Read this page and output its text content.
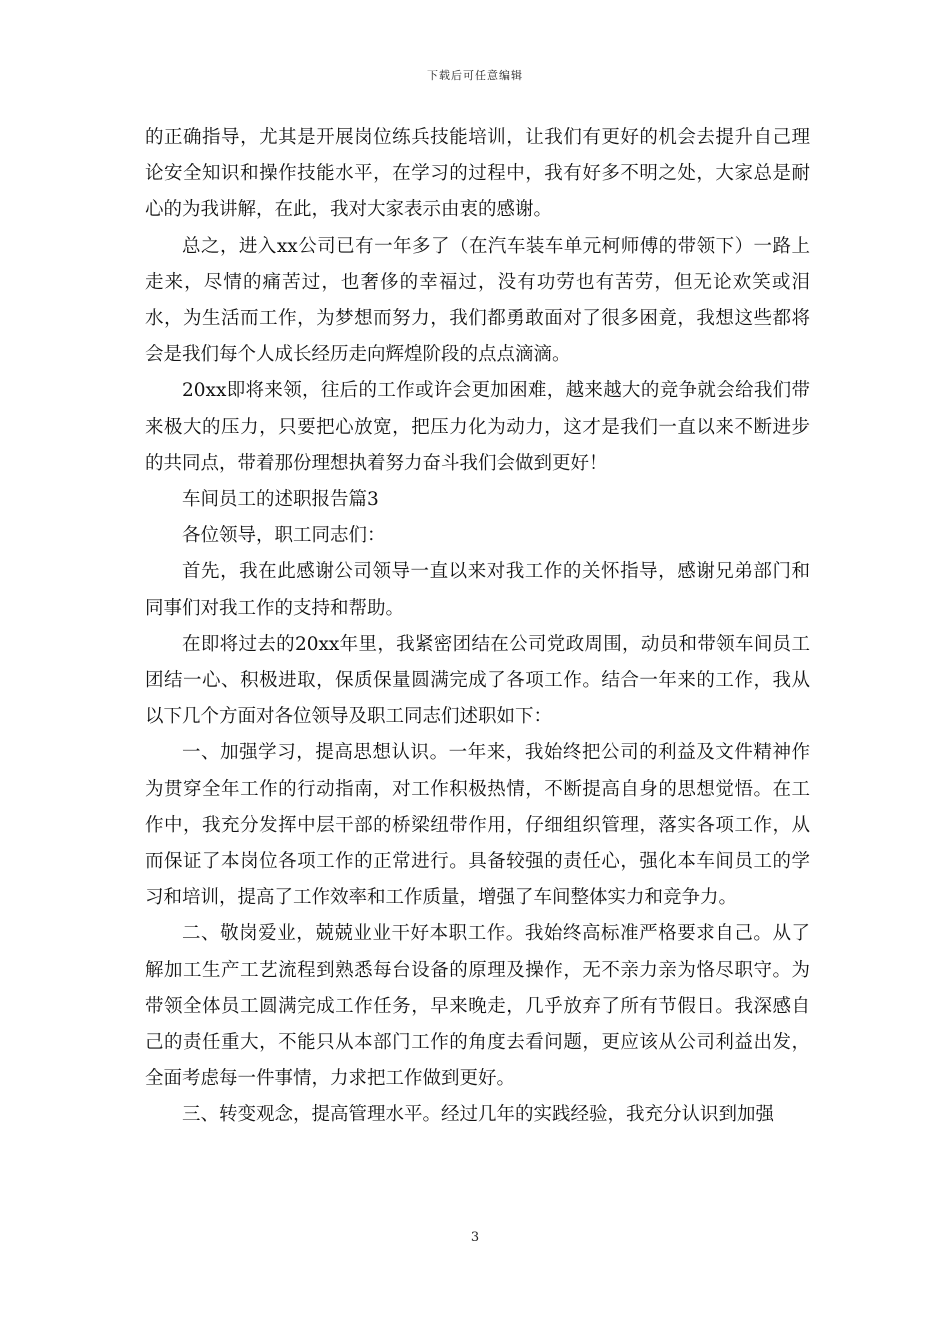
下载后可任意编辑

的正确指导，尤其是开展岗位练兵技能培训，让我们有更好的机会去提升自己理论安全知识和操作技能水平，在学习的过程中，我有好多不明之处，大家总是耐心的为我讲解，在此，我对大家表示由衷的感谢。

总之，进入xx公司已有一年多了（在汽车装车单元柯师傅的带领下）一路上走来，尽情的痛苦过，也奢侈的幸福过，没有功劳也有苦劳，但无论欢笑或泪水，为生活而工作，为梦想而努力，我们都勇敢面对了很多困竟，我想这些都将会是我们每个人成长经历走向辉煌阶段的点点滴滴。

20xx即将来领，往后的工作或许会更加困难，越来越大的竞争就会给我们带来极大的压力，只要把心放宽，把压力化为动力，这才是我们一直以来不断进步的共同点，带着那份理想执着努力奋斗我们会做到更好！

车间员工的述职报告篇3

各位领导，职工同志们：

首先，我在此感谢公司领导一直以来对我工作的关怀指导，感谢兄弟部门和同事们对我工作的支持和帮助。

在即将过去的20xx年里，我紧密团结在公司党政周围，动员和带领车间员工团结一心、积极进取，保质保量圆满完成了各项工作。结合一年来的工作，我从以下几个方面对各位领导及职工同志们述职如下：

一、加强学习，提高思想认识。一年来，我始终把公司的利益及文件精神作为贯穿全年工作的行动指南，对工作积极热情，不断提高自身的思想觉悟。在工作中，我充分发挥中层干部的桥梁纽带作用，仔细组织管理，落实各项工作，从而保证了本岗位各项工作的正常进行。具备较强的责任心，强化本车间员工的学习和培训，提高了工作效率和工作质量，增强了车间整体实力和竞争力。

二、敬岗爱业，兢兢业业干好本职工作。我始终高标准严格要求自己。从了解加工生产工艺流程到熟悉每台设备的原理及操作，无不亲力亲为恪尽职守。为带领全体员工圆满完成工作任务，早来晚走，几乎放弃了所有节假日。我深感自己的责任重大，不能只从本部门工作的角度去看问题，更应该从公司利益出发，全面考虑每一件事情，力求把工作做到更好。

三、转变观念，提高管理水平。经过几年的实践经验，我充分认识到加强

3
